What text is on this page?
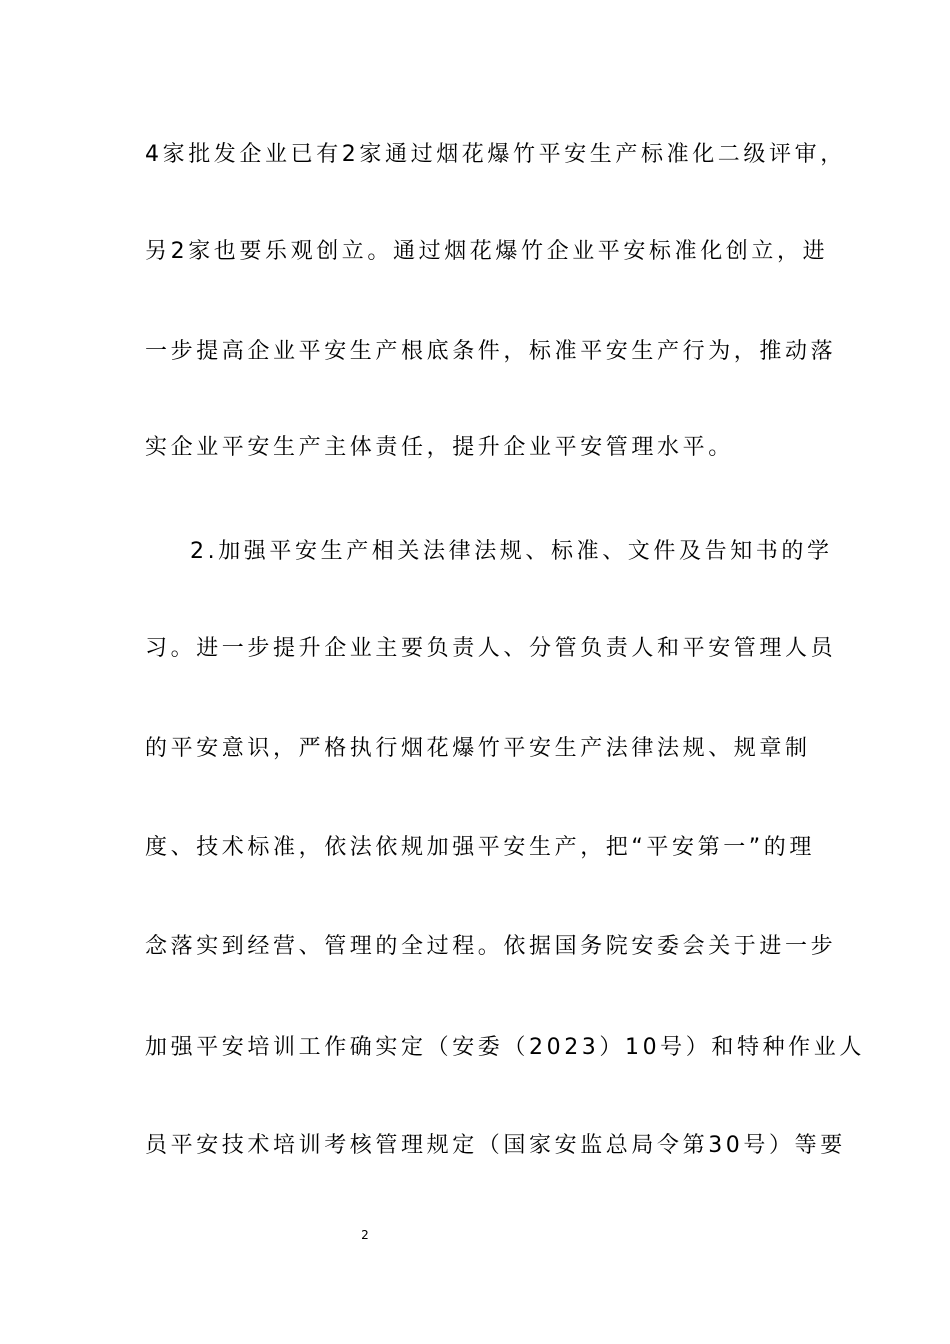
4家批发企业已有2家通过烟花爆竹平安生产标准化二级评审，
另2家也要乐观创立。通过烟花爆竹企业平安标准化创立，进
一步提高企业平安生产根底条件，标准平安生产行为，推动落
实企业平安生产主体责任，提升企业平安管理水平。
2.加强平安生产相关法律法规、标准、文件及告知书的学
习。进一步提升企业主要负责人、分管负责人和平安管理人员
的平安意识，严格执行烟花爆竹平安生产法律法规、规章制
度、技术标准，依法依规加强平安生产，把“平安第一”的理
念落实到经营、管理的全过程。依据国务院安委会关于进一步
加强平安培训工作确实定（安委（2023）10号）和特种作业人
员平安技术培训考核管理规定（国家安监总局令第30号）等要
2
